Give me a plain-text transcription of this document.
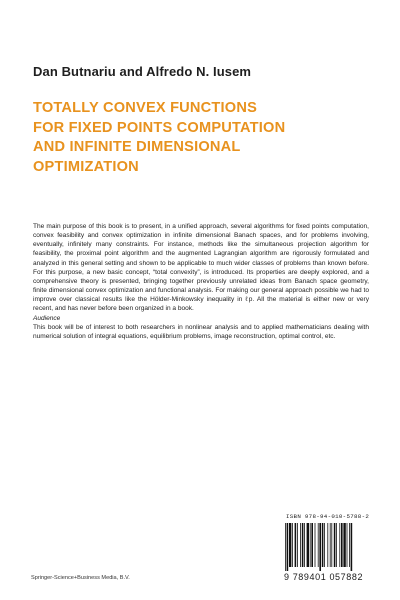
Dan Butnariu and Alfredo N. Iusem
TOTALLY CONVEX FUNCTIONS
FOR FIXED POINTS COMPUTATION
AND INFINITE DIMENSIONAL
OPTIMIZATION

The main purpose of this book is to present, in a unified approach, several algorithms for fixed points computation, convex feasibility and convex optimization in infinite dimensional Banach spaces, and for problems involving, eventually, infinitely many constraints. For instance, methods like the simultaneous projection algorithm for feasibility, the proximal point algorithm and the augmented Lagrangian algorithm are rigorously formulated and analyzed in this general setting and shown to be applicable to much wider classes of problems than known before. For this purpose, a new basic concept, “total convexity”, is introduced. Its properties are deeply explored, and a comprehensive theory is presented, bringing together previously unrelated ideas from Banach space geometry, finite dimensional convex optimization and functional analysis. For making our general approach possible we had to improve over classical results like the Hölder-Minkowsky inequality in ℓp. All the material is either new or very recent, and has never before been organized in a book.

Audience

This book will be of interest to both researchers in nonlinear analysis and to applied mathematicians dealing with numerical solution of integral equations, equilibrium problems, image reconstruction, optimal control, etc.

Springer-Science+Business Media, B.V.
ISBN 978-94-010-5788-2
9 789401 057882
